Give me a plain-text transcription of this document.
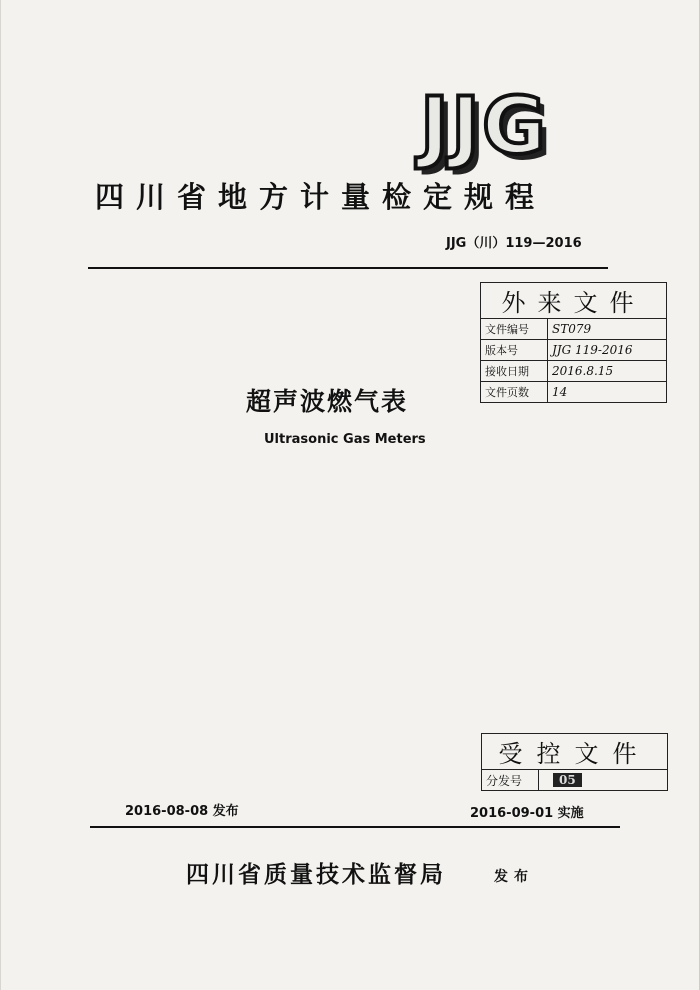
JJG
四川省地方计量检定规程
JJG（川）119—2016
外来文件	
文件编号	ST079
版本号	JJG 119-2016
接收日期	2016.8.15
文件页数	14
超声波燃气表
Ultrasonic Gas Meters
受控文件
分发号	05
2016-08-08 发布	2016-09-01 实施
四川省质量技术监督局	发布
